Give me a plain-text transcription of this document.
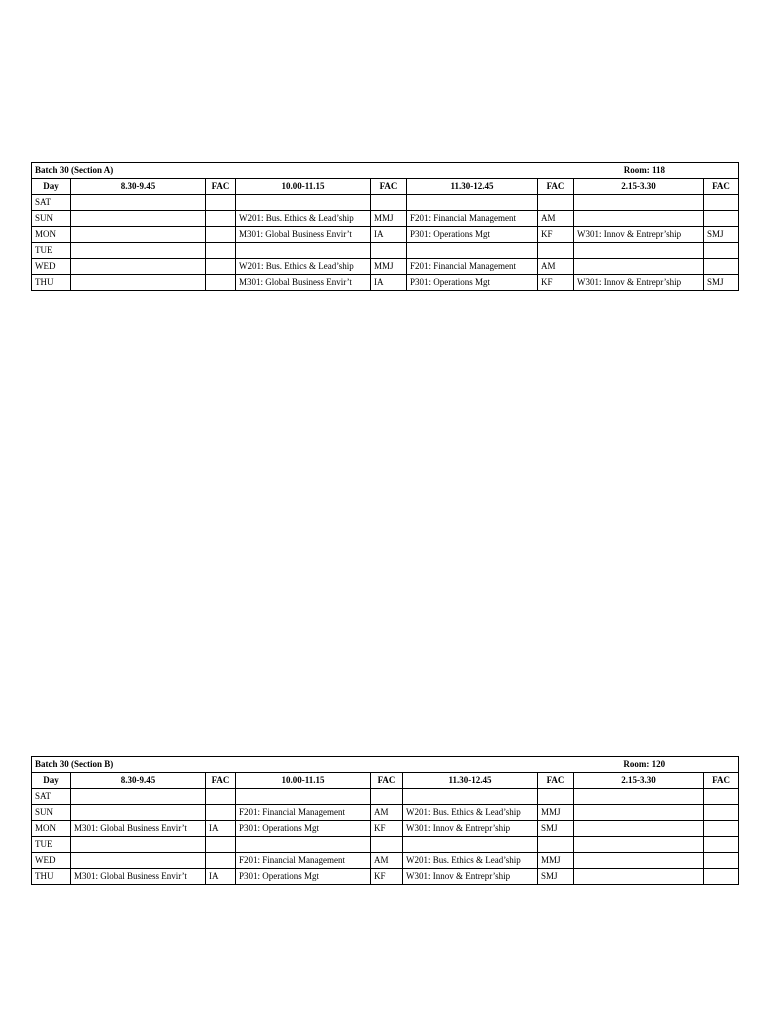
Batch 30 (Section A) Room: 118								

Day	8.30-9.45	FAC	10.00-11.15	FAC	11.30-12.45	FAC	2.15-3.30	FAC
SAT								
SUN			W201: Bus. Ethics & Lead’ship	MMJ	F201: Financial Management	AM		
MON			M301: Global Business Envir’t	IA	P301: Operations Mgt	KF	W301: Innov & Entrepr’ship	SMJ
TUE								
WED			W201: Bus. Ethics & Lead’ship	MMJ	F201: Financial Management	AM		
THU			M301: Global Business Envir’t	IA	P301: Operations Mgt	KF	W301: Innov & Entrepr’ship	SMJ
Batch 30 (Section B) Room: 120								

Day	8.30-9.45	FAC	10.00-11.15	FAC	11.30-12.45	FAC	2.15-3.30	FAC
SAT								
SUN			F201: Financial Management	AM	W201: Bus. Ethics & Lead’ship	MMJ		
MON	M301: Global Business Envir’t	IA	P301: Operations Mgt	KF	W301: Innov & Entrepr’ship	SMJ		
TUE								
WED			F201: Financial Management	AM	W201: Bus. Ethics & Lead’ship	MMJ		
THU	M301: Global Business Envir’t	IA	P301: Operations Mgt	KF	W301: Innov & Entrepr’ship	SMJ		
